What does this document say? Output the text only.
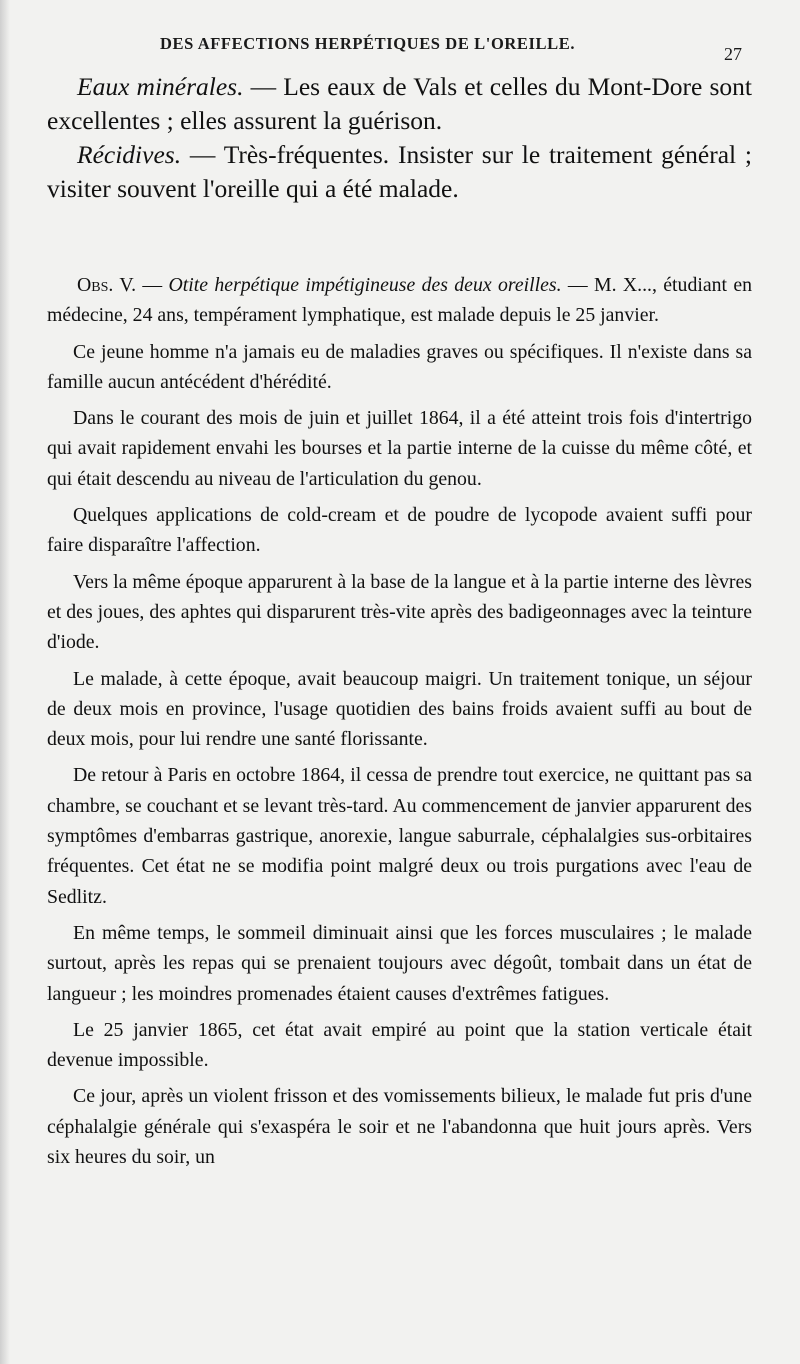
DES AFFECTIONS HERPÉTIQUES DE L'OREILLE.
27

Eaux minérales. — Les eaux de Vals et celles du Mont-Dore sont excellentes ; elles assurent la guérison.

Récidives. — Très-fréquentes. Insister sur le traitement général ; visiter souvent l'oreille qui a été malade.

Obs. V. — Otite herpétique impétigineuse des deux oreilles. — M. X..., étudiant en médecine, 24 ans, tempérament lymphatique, est malade depuis le 25 janvier.

Ce jeune homme n'a jamais eu de maladies graves ou spécifiques. Il n'existe dans sa famille aucun antécédent d'hérédité.

Dans le courant des mois de juin et juillet 1864, il a été atteint trois fois d'intertrigo qui avait rapidement envahi les bourses et la partie interne de la cuisse du même côté, et qui était descendu au niveau de l'articulation du genou.

Quelques applications de cold-cream et de poudre de lycopode avaient suffi pour faire disparaître l'affection.

Vers la même époque apparurent à la base de la langue et à la partie interne des lèvres et des joues, des aphtes qui disparurent très-vite après des badigeonnages avec la teinture d'iode.

Le malade, à cette époque, avait beaucoup maigri. Un traitement tonique, un séjour de deux mois en province, l'usage quotidien des bains froids avaient suffi au bout de deux mois, pour lui rendre une santé florissante.

De retour à Paris en octobre 1864, il cessa de prendre tout exercice, ne quittant pas sa chambre, se couchant et se levant très-tard. Au commencement de janvier apparurent des symptômes d'embarras gastrique, anorexie, langue saburrale, céphalalgies sus-orbitaires fréquentes. Cet état ne se modifia point malgré deux ou trois purgations avec l'eau de Sedlitz.

En même temps, le sommeil diminuait ainsi que les forces musculaires ; le malade surtout, après les repas qui se prenaient toujours avec dégoût, tombait dans un état de langueur ; les moindres promenades étaient causes d'extrêmes fatigues.

Le 25 janvier 1865, cet état avait empiré au point que la station verticale était devenue impossible.

Ce jour, après un violent frisson et des vomissements bilieux, le malade fut pris d'une céphalalgie générale qui s'exaspéra le soir et ne l'abandonna que huit jours après. Vers six heures du soir, un
